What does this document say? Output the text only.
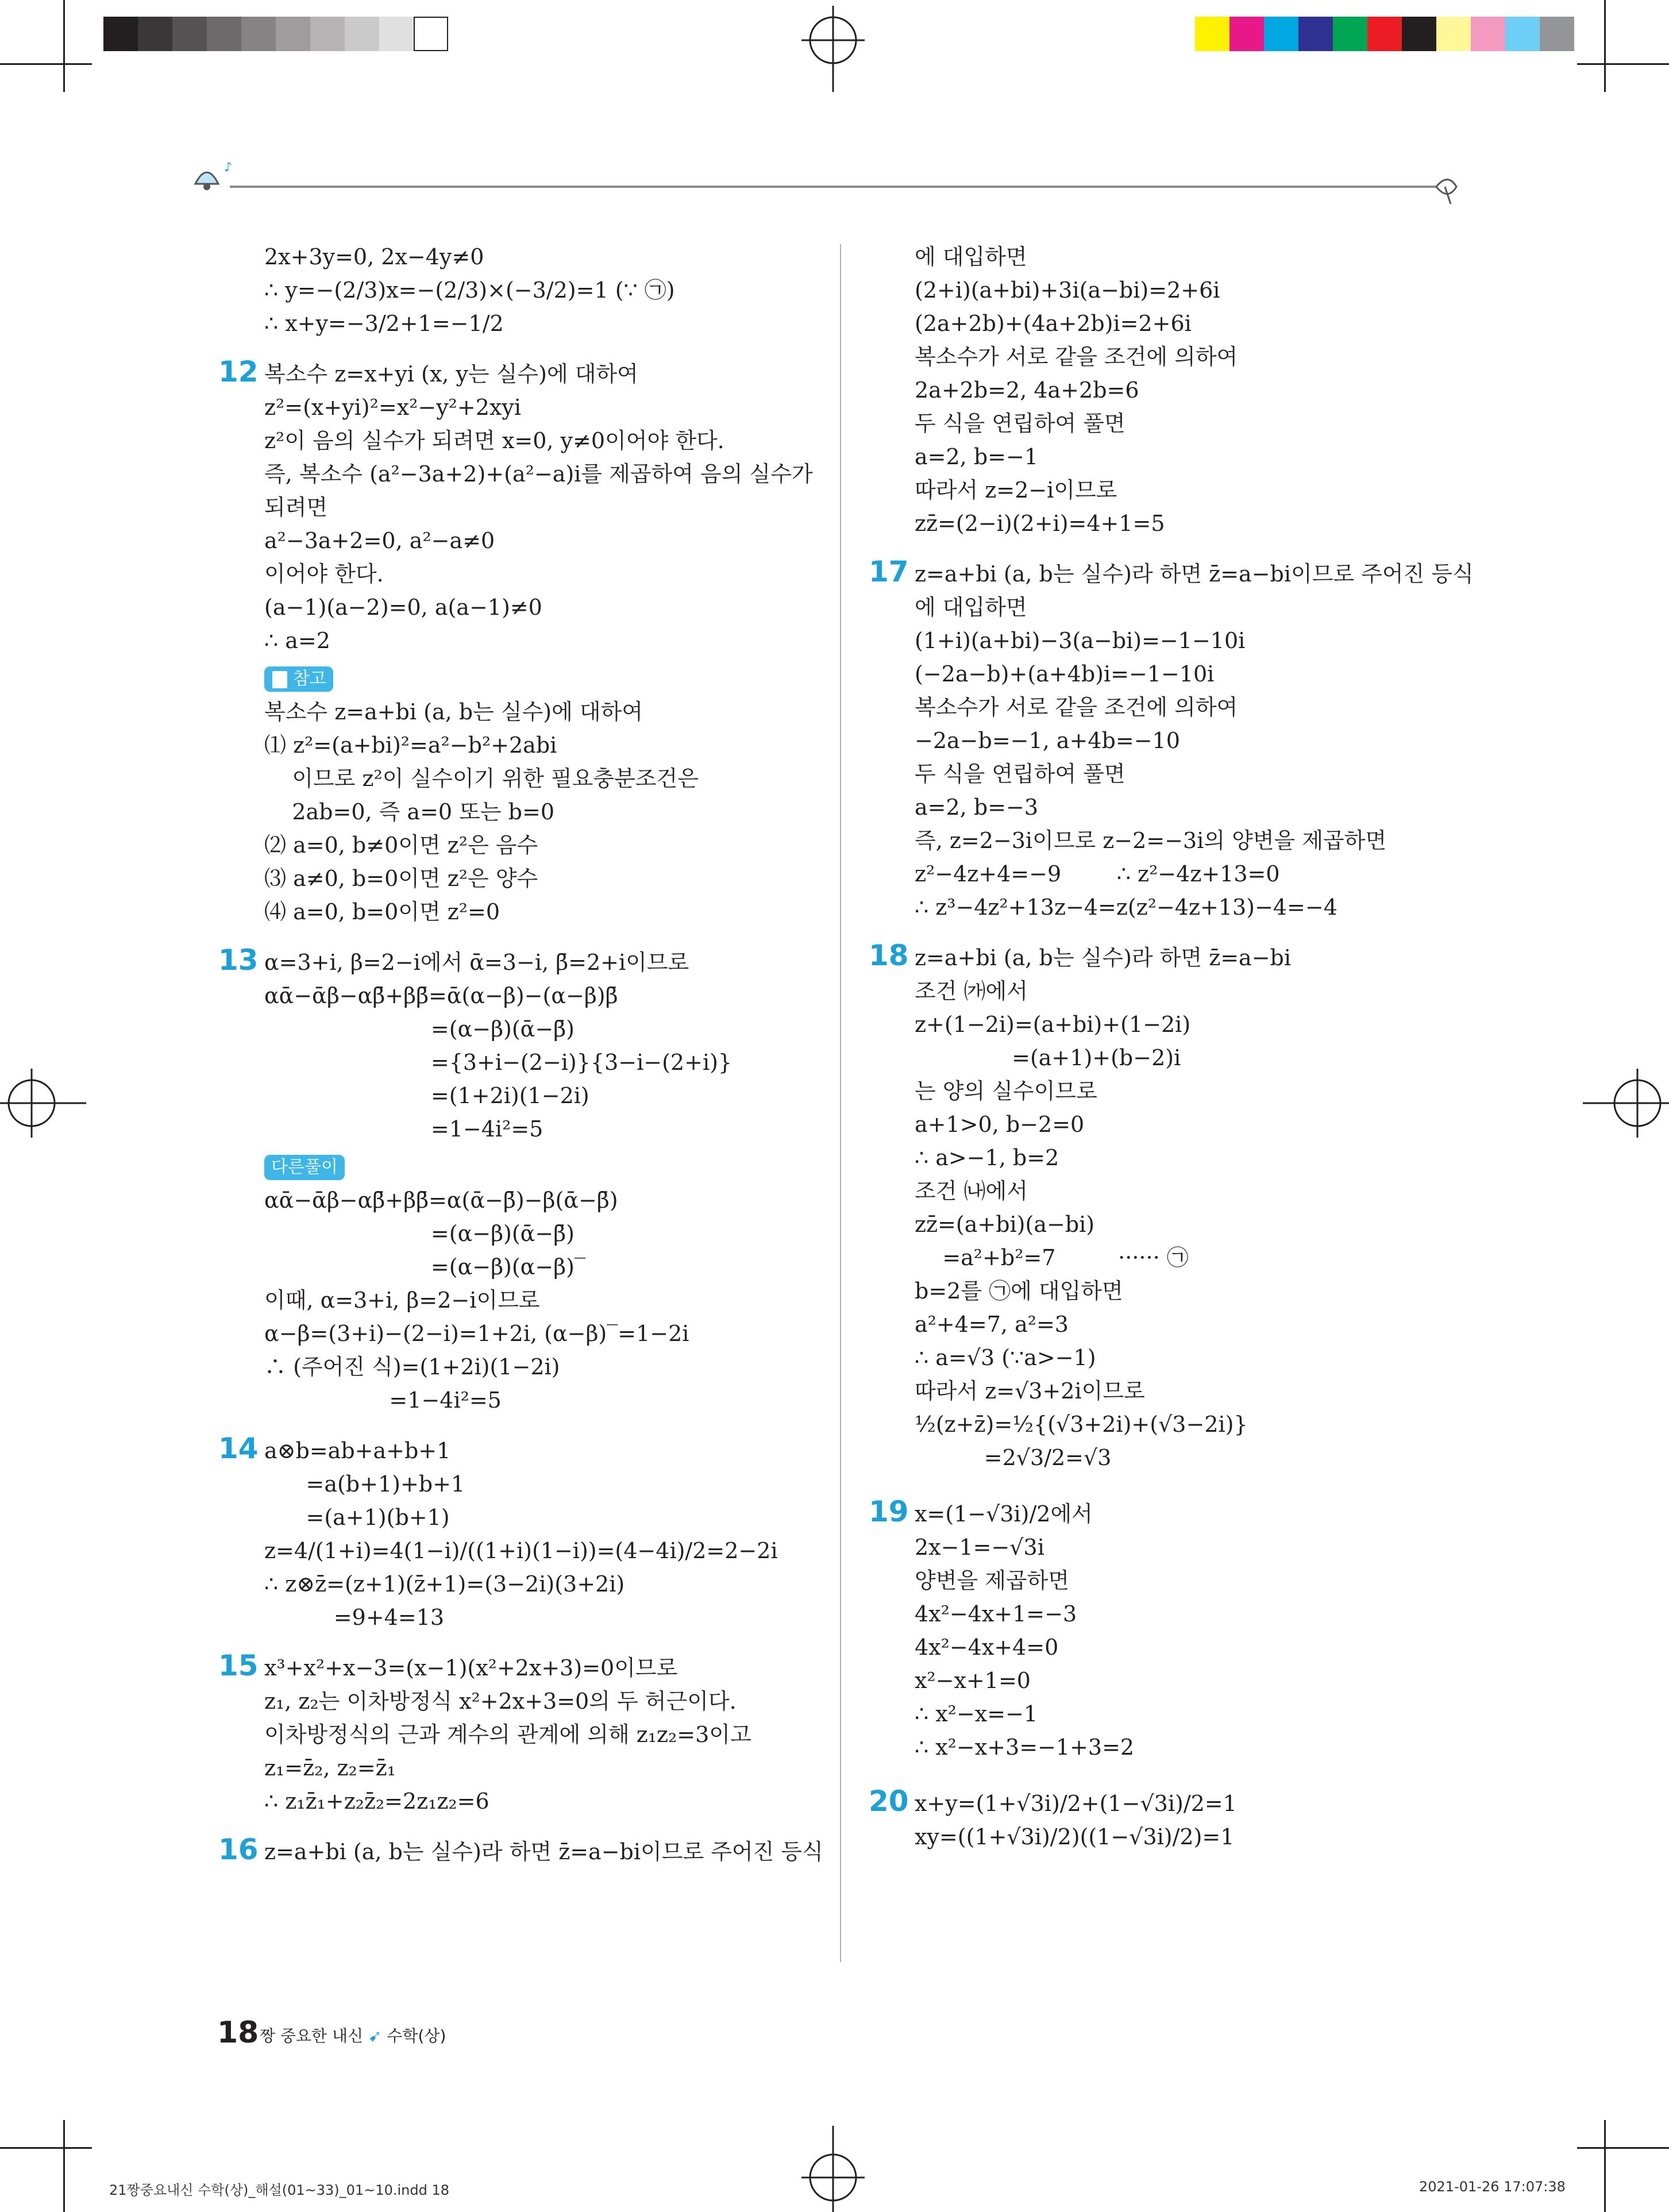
♪
2x+3y=0, 2x−4y≠0
∴ y=−(2/3)x=−(2/3)×(−3/2)=1 (∵ ㉠)
∴ x+y=−3/2+1=−1/2
12 복소수 z=x+yi (x, y는 실수)에 대하여
z²=(x+yi)²=x²−y²+2xyi
z²이 음의 실수가 되려면 x=0, y≠0이어야 한다.
즉, 복소수 (a²−3a+2)+(a²−a)i를 제곱하여 음의 실수가
되려면
a²−3a+2=0, a²−a≠0
이어야 한다.
(a−1)(a−2)=0, a(a−1)≠0
∴ a=2
참고
복소수 z=a+bi (a, b는 실수)에 대하여
⑴ z²=(a+bi)²=a²−b²+2abi
이므로 z²이 실수이기 위한 필요충분조건은
2ab=0, 즉 a=0 또는 b=0
⑵ a=0, b≠0이면 z²은 음수
⑶ a≠0, b=0이면 z²은 양수
⑷ a=0, b=0이면 z²=0
13 α=3+i, β=2−i에서 ᾱ=3−i, β̄=2+i이므로
αᾱ−ᾱβ−αβ̄+ββ̄=ᾱ(α−β)−(α−β)β̄
=(α−β)(ᾱ−β̄)
={3+i−(2−i)}{3−i−(2+i)}
=(1+2i)(1−2i)
=1−4i²=5
다른풀이
αᾱ−ᾱβ−αβ̄+ββ̄=α(ᾱ−β̄)−β(ᾱ−β̄)
=(α−β)(ᾱ−β̄)
=(α−β)(α−β)‾
이때, α=3+i, β=2−i이므로
α−β=(3+i)−(2−i)=1+2i, (α−β)‾=1−2i
∴ (주어진 식)=(1+2i)(1−2i)
=1−4i²=5
14 a⊗b=ab+a+b+1
=a(b+1)+b+1
=(a+1)(b+1)
z=4/(1+i)=4(1−i)/((1+i)(1−i))=(4−4i)/2=2−2i
∴ z⊗z̄=(z+1)(z̄+1)=(3−2i)(3+2i)
=9+4=13
15 x³+x²+x−3=(x−1)(x²+2x+3)=0이므로
z₁, z₂는 이차방정식 x²+2x+3=0의 두 허근이다.
이차방정식의 근과 계수의 관계에 의해 z₁z₂=3이고
z₁=z̄₂, z₂=z̄₁
∴ z₁z̄₁+z₂z̄₂=2z₁z₂=6
16 z=a+bi (a, b는 실수)라 하면 z̄=a−bi이므로 주어진 등식
에 대입하면
(2+i)(a+bi)+3i(a−bi)=2+6i
(2a+2b)+(4a+2b)i=2+6i
복소수가 서로 같을 조건에 의하여
2a+2b=2, 4a+2b=6
두 식을 연립하여 풀면
a=2, b=−1
따라서 z=2−i이므로
zz̄=(2−i)(2+i)=4+1=5
17 z=a+bi (a, b는 실수)라 하면 z̄=a−bi이므로 주어진 등식
에 대입하면
(1+i)(a+bi)−3(a−bi)=−1−10i
(−2a−b)+(a+4b)i=−1−10i
복소수가 서로 같을 조건에 의하여
−2a−b=−1, a+4b=−10
두 식을 연립하여 풀면
a=2, b=−3
즉, z=2−3i이므로 z−2=−3i의 양변을 제곱하면
z²−4z+4=−9        ∴ z²−4z+13=0
∴ z³−4z²+13z−4=z(z²−4z+13)−4=−4
18 z=a+bi (a, b는 실수)라 하면 z̄=a−bi
조건 ㈎에서
z+(1−2i)=(a+bi)+(1−2i)
=(a+1)+(b−2)i
는 양의 실수이므로
a+1>0, b−2=0
∴ a>−1, b=2
조건 ㈏에서
zz̄=(a+bi)(a−bi)
=a²+b²=7         ······ ㉠
b=2를 ㉠에 대입하면
a²+4=7, a²=3
∴ a=√3 (∵a>−1)
따라서 z=√3+2i이므로
½(z+z̄)=½{(√3+2i)+(√3−2i)}
=2√3/2=√3
19 x=(1−√3i)/2에서
2x−1=−√3i
양변을 제곱하면
4x²−4x+1=−3
4x²−4x+4=0
x²−x+1=0
∴ x²−x=−1
∴ x²−x+3=−1+3=2
20 x+y=(1+√3i)/2+(1−√3i)/2=1
xy=((1+√3i)/2)((1−√3i)/2)=1
18 짱 중요한 내신 ➹ 수학(상)
21짱중요내신 수학(상)_해설(01~33)_01~10.indd 18	2021-01-26 17:07:38
